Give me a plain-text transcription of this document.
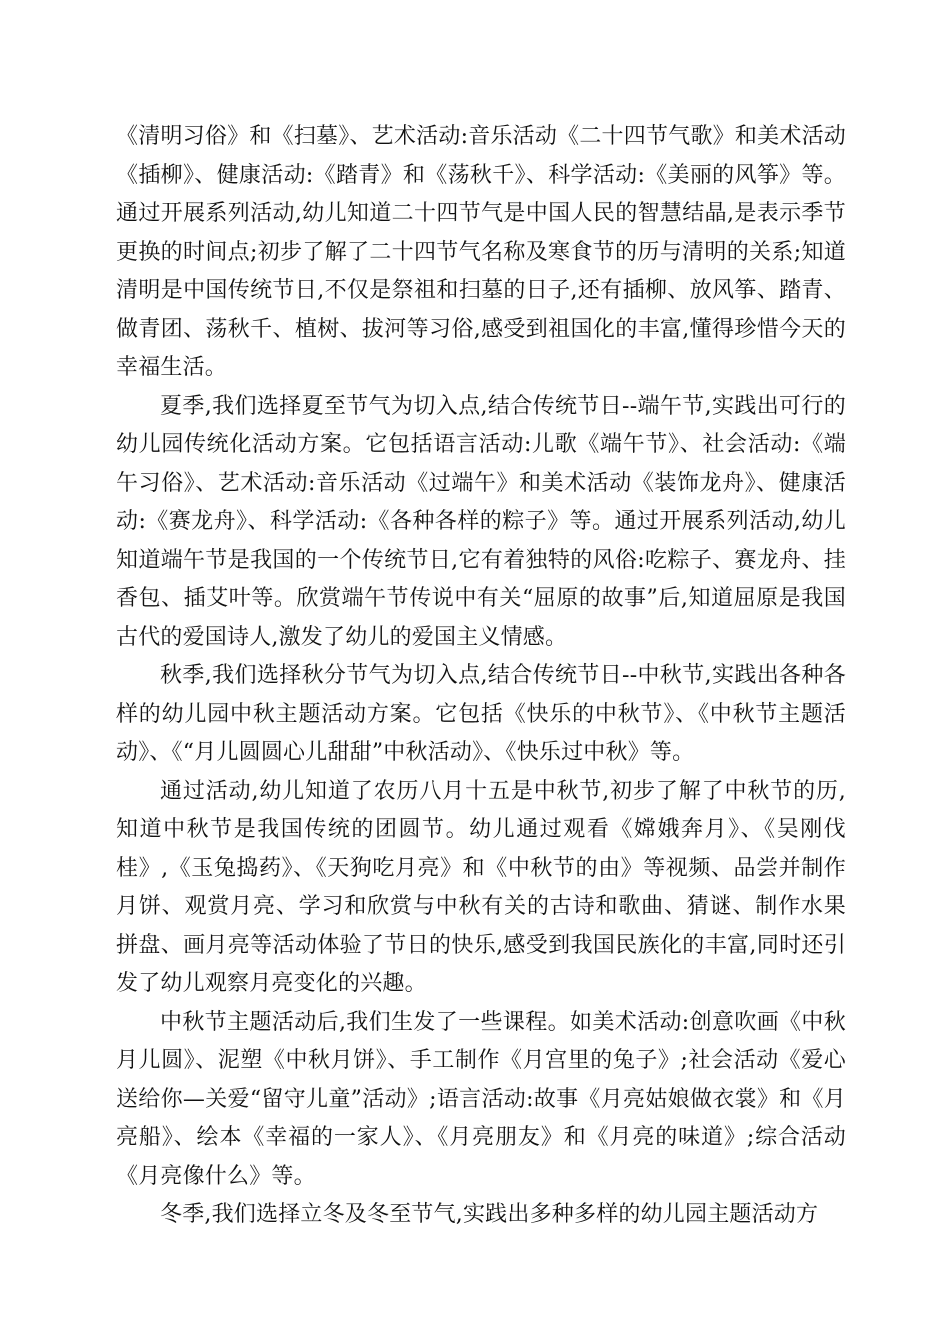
《清明习俗》和《扫墓》、艺术活动:音乐活动《二十四节气歌》和美术活动《插柳》、健康活动:《踏青》和《荡秋千》、科学活动:《美丽的风筝》等。通过开展系列活动,幼儿知道二十四节气是中国人民的智慧结晶,是表示季节更换的时间点;初步了解了二十四节气名称及寒食节的历与清明的关系;知道清明是中国传统节日,不仅是祭祖和扫墓的日子,还有插柳、放风筝、踏青、做青团、荡秋千、植树、拔河等习俗,感受到祖国化的丰富,懂得珍惜今天的幸福生活。

夏季,我们选择夏至节气为切入点,结合传统节日--端午节,实践出可行的幼儿园传统化活动方案。它包括语言活动:儿歌《端午节》、社会活动:《端午习俗》、艺术活动:音乐活动《过端午》和美术活动《装饰龙舟》、健康活动:《赛龙舟》、科学活动:《各种各样的粽子》等。通过开展系列活动,幼儿知道端午节是我国的一个传统节日,它有着独特的风俗:吃粽子、赛龙舟、挂香包、插艾叶等。欣赏端午节传说中有关“屈原的故事”后,知道屈原是我国古代的爱国诗人,激发了幼儿的爱国主义情感。

秋季,我们选择秋分节气为切入点,结合传统节日--中秋节,实践出各种各样的幼儿园中秋主题活动方案。它包括《快乐的中秋节》、《中秋节主题活动》、《“月儿圆圆心儿甜甜”中秋活动》、《快乐过中秋》等。

通过活动,幼儿知道了农历八月十五是中秋节,初步了解了中秋节的历,知道中秋节是我国传统的团圆节。幼儿通过观看《嫦娥奔月》、《吴刚伐桂》,《玉兔捣药》、《天狗吃月亮》和《中秋节的由》等视频、品尝并制作月饼、观赏月亮、学习和欣赏与中秋有关的古诗和歌曲、猜谜、制作水果拼盘、画月亮等活动体验了节日的快乐,感受到我国民族化的丰富,同时还引发了幼儿观察月亮变化的兴趣。

中秋节主题活动后,我们生发了一些课程。如美术活动:创意吹画《中秋月儿圆》、泥塑《中秋月饼》、手工制作《月宫里的兔子》;社会活动《爱心送给你—关爱“留守儿童”活动》;语言活动:故事《月亮姑娘做衣裳》和《月亮船》、绘本《幸福的一家人》、《月亮朋友》和《月亮的味道》;综合活动《月亮像什么》等。

冬季,我们选择立冬及冬至节气,实践出多种多样的幼儿园主题活动方
